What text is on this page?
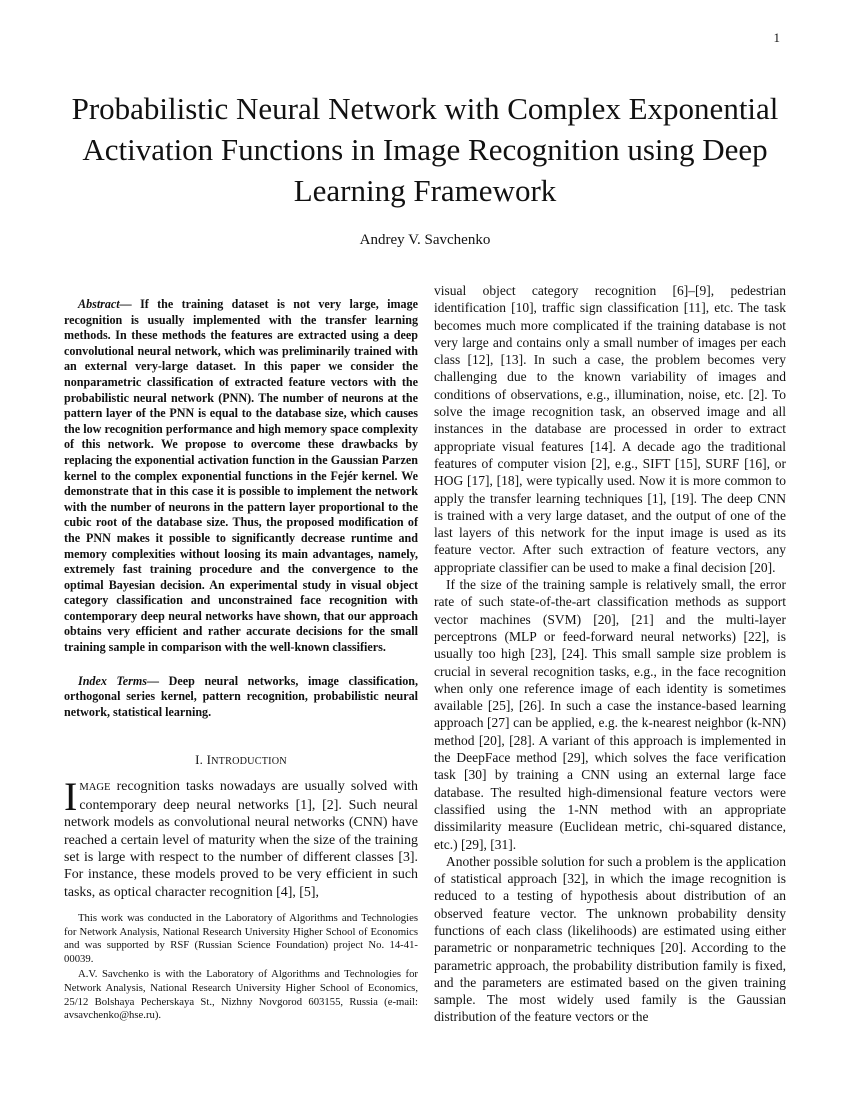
1
Probabilistic Neural Network with Complex Exponential Activation Functions in Image Recognition using Deep Learning Framework
Andrey V. Savchenko

Abstract— If the training dataset is not very large, image recognition is usually implemented with the transfer learning methods. In these methods the features are extracted using a deep convolutional neural network, which was preliminarily trained with an external very-large dataset. In this paper we consider the nonparametric classification of extracted feature vectors with the probabilistic neural network (PNN). The number of neurons at the pattern layer of the PNN is equal to the database size, which causes the low recognition performance and high memory space complexity of this network. We propose to overcome these drawbacks by replacing the exponential activation function in the Gaussian Parzen kernel to the complex exponential functions in the Fejér kernel. We demonstrate that in this case it is possible to implement the network with the number of neurons in the pattern layer proportional to the cubic root of the database size. Thus, the proposed modification of the PNN makes it possible to significantly decrease runtime and memory complexities without loosing its main advantages, namely, extremely fast training procedure and the convergence to the optimal Bayesian decision. An experimental study in visual object category classification and unconstrained face recognition with contemporary deep neural networks have shown, that our approach obtains very efficient and rather accurate decisions for the small training sample in comparison with the well-known classifiers.

Index Terms— Deep neural networks, image classification, orthogonal series kernel, pattern recognition, probabilistic neural network, statistical learning.

I. INTRODUCTION

IMAGE recognition tasks nowadays are usually solved with contemporary deep neural networks [1], [2]. Such neural network models as convolutional neural networks (CNN) have reached a certain level of maturity when the size of the training set is large with respect to the number of different classes [3]. For instance, these models proved to be very efficient in such tasks, as optical character recognition [4], [5],

This work was conducted in the Laboratory of Algorithms and Technologies for Network Analysis, National Research University Higher School of Economics and was supported by RSF (Russian Science Foundation) project No. 14-41-00039.

A.V. Savchenko is with the Laboratory of Algorithms and Technologies for Network Analysis, National Research University Higher School of Economics, 25/12 Bolshaya Pecherskaya St., Nizhny Novgorod 603155, Russia (e-mail: avsavchenko@hse.ru).

visual object category recognition [6]–[9], pedestrian identification [10], traffic sign classification [11], etc. The task becomes much more complicated if the training database is not very large and contains only a small number of images per each class [12], [13]. In such a case, the problem becomes very challenging due to the known variability of images and conditions of observations, e.g., illumination, noise, etc. [2]. To solve the image recognition task, an observed image and all instances in the database are processed in order to extract appropriate visual features [14]. A decade ago the traditional features of computer vision [2], e.g., SIFT [15], SURF [16], or HOG [17], [18], were typically used. Now it is more common to apply the transfer learning techniques [1], [19]. The deep CNN is trained with a very large dataset, and the output of one of the last layers of this network for the input image is used as its feature vector. After such extraction of feature vectors, any appropriate classifier can be used to make a final decision [20].

If the size of the training sample is relatively small, the error rate of such state-of-the-art classification methods as support vector machines (SVM) [20], [21] and the multi-layer perceptrons (MLP or feed-forward neural networks) [22], is usually too high [23], [24]. This small sample size problem is crucial in several recognition tasks, e.g., in the face recognition when only one reference image of each identity is sometimes available [25], [26]. In such a case the instance-based learning approach [27] can be applied, e.g. the k-nearest neighbor (k-NN) method [20], [28]. A variant of this approach is implemented in the DeepFace method [29], which solves the face verification task [30] by training a CNN using an external large face database. The resulted high-dimensional feature vectors were classified using the 1-NN method with an appropriate dissimilarity measure (Euclidean metric, chi-squared distance, etc.) [29], [31].

Another possible solution for such a problem is the application of statistical approach [32], in which the image recognition is reduced to a testing of hypothesis about distribution of an observed feature vector. The unknown probability density functions of each class (likelihoods) are estimated using either parametric or nonparametric techniques [20]. According to the parametric approach, the probability distribution family is fixed, and the parameters are estimated based on the given training sample. The most widely used family is the Gaussian distribution of the feature vectors or the
